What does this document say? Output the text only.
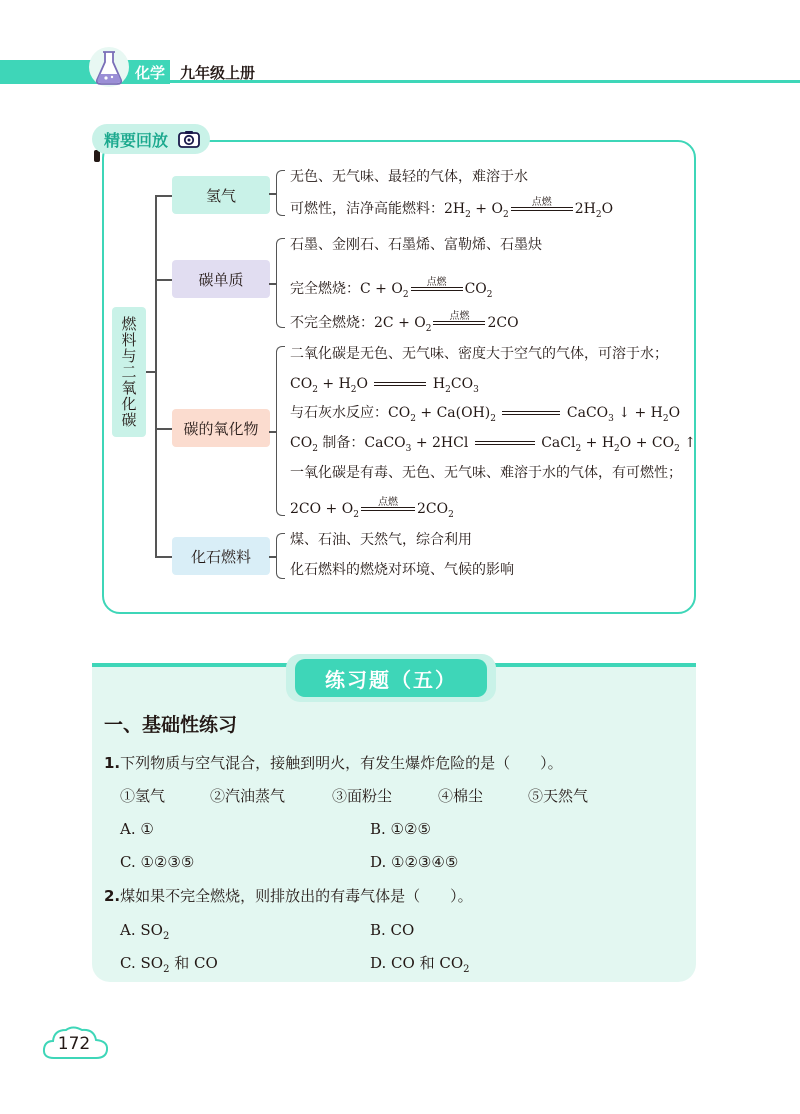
化学 九年级上册
精要回放
燃料与二氧化碳
氢气
无色、无气味、最轻的气体，难溶于水
可燃性，洁净高能燃料：$2H_2 + O_2$
点燃	$2H_2O$
碳单质
石墨、金刚石、石墨烯、富勒烯、石墨炔
完全燃烧：$C + O_2$
点燃	$CO_2$
不完全燃烧：$2C + O_2$
点燃	2CO
碳的氧化物
二氧化碳是无色、无气味、密度大于空气的气体，可溶于水；
$CO_2 + H_2O$	$H_2CO_3$
与石灰水反应：$CO_2 + Ca(OH)_2$	CaCO$_3$ ↓ + $H_2O$
$CO_2$ 制备：CaCO$_3$ + 2HCl	CaCl$_2$ + $H_2O + CO_2$ ↑
一氧化碳是有毒、无色、无气味、难溶于水的气体，有可燃性；
$2CO + O_2$
点燃	$2CO_2$
化石燃料
煤、石油、天然气，综合利用
化石燃料的燃烧对环境、气候的影响
练习题（五）
一、基础性练习
1.下列物质与空气混合，接触到明火，有发生爆炸危险的是（　　）。
①氢气	②汽油蒸气	③面粉尘	④棉尘	⑤天然气
A. ①	B. ①②⑤
C. ①②③⑤	D. ①②③④⑤
2.煤如果不完全燃烧，则排放出的有毒气体是（　　）。
A. $SO_2$	B. CO
C. $SO_2$ 和 CO	D. CO 和 $CO_2$
172
